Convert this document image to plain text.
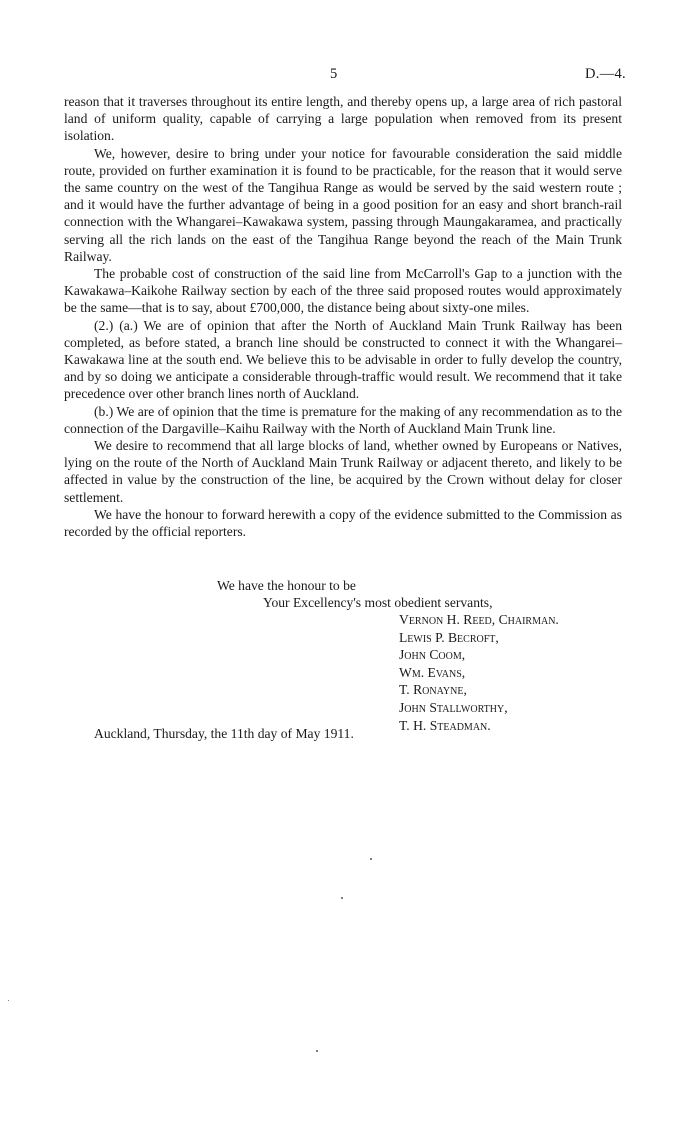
5	D.—4.

reason that it traverses throughout its entire length, and thereby opens up, a large area of rich pastoral land of uniform quality, capable of carrying a large population when removed from its present isolation.

We, however, desire to bring under your notice for favourable consideration the said middle route, provided on further examination it is found to be practicable, for the reason that it would serve the same country on the west of the Tangihua Range as would be served by the said western route ; and it would have the further advantage of being in a good position for an easy and short branch-rail connection with the Whangarei–Kawakawa system, passing through Maungakaramea, and practically serving all the rich lands on the east of the Tangihua Range beyond the reach of the Main Trunk Railway.

The probable cost of construction of the said line from McCarroll's Gap to a junction with the Kawakawa–Kaikohe Railway section by each of the three said proposed routes would approximately be the same—that is to say, about £700,000, the distance being about sixty-one miles.

(2.) (a.) We are of opinion that after the North of Auckland Main Trunk Railway has been completed, as before stated, a branch line should be constructed to connect it with the Whangarei–Kawakawa line at the south end. We believe this to be advisable in order to fully develop the country, and by so doing we anticipate a considerable through-traffic would result. We recommend that it take precedence over other branch lines north of Auckland.

(b.) We are of opinion that the time is premature for the making of any recommendation as to the connection of the Dargaville–Kaihu Railway with the North of Auckland Main Trunk line.

We desire to recommend that all large blocks of land, whether owned by Europeans or Natives, lying on the route of the North of Auckland Main Trunk Railway or adjacent thereto, and likely to be affected in value by the construction of the line, be acquired by the Crown without delay for closer settlement.

We have the honour to forward herewith a copy of the evidence submitted to the Commission as recorded by the official reporters.

We have the honour to be
Your Excellency's most obedient servants,
Vernon H. Reed, Chairman.
Lewis P. Becroft,
John Coom,
Wm. Evans,
T. Ronayne,
John Stallworthy,
T. H. Steadman.
Auckland, Thursday, the 11th day of May 1911.
